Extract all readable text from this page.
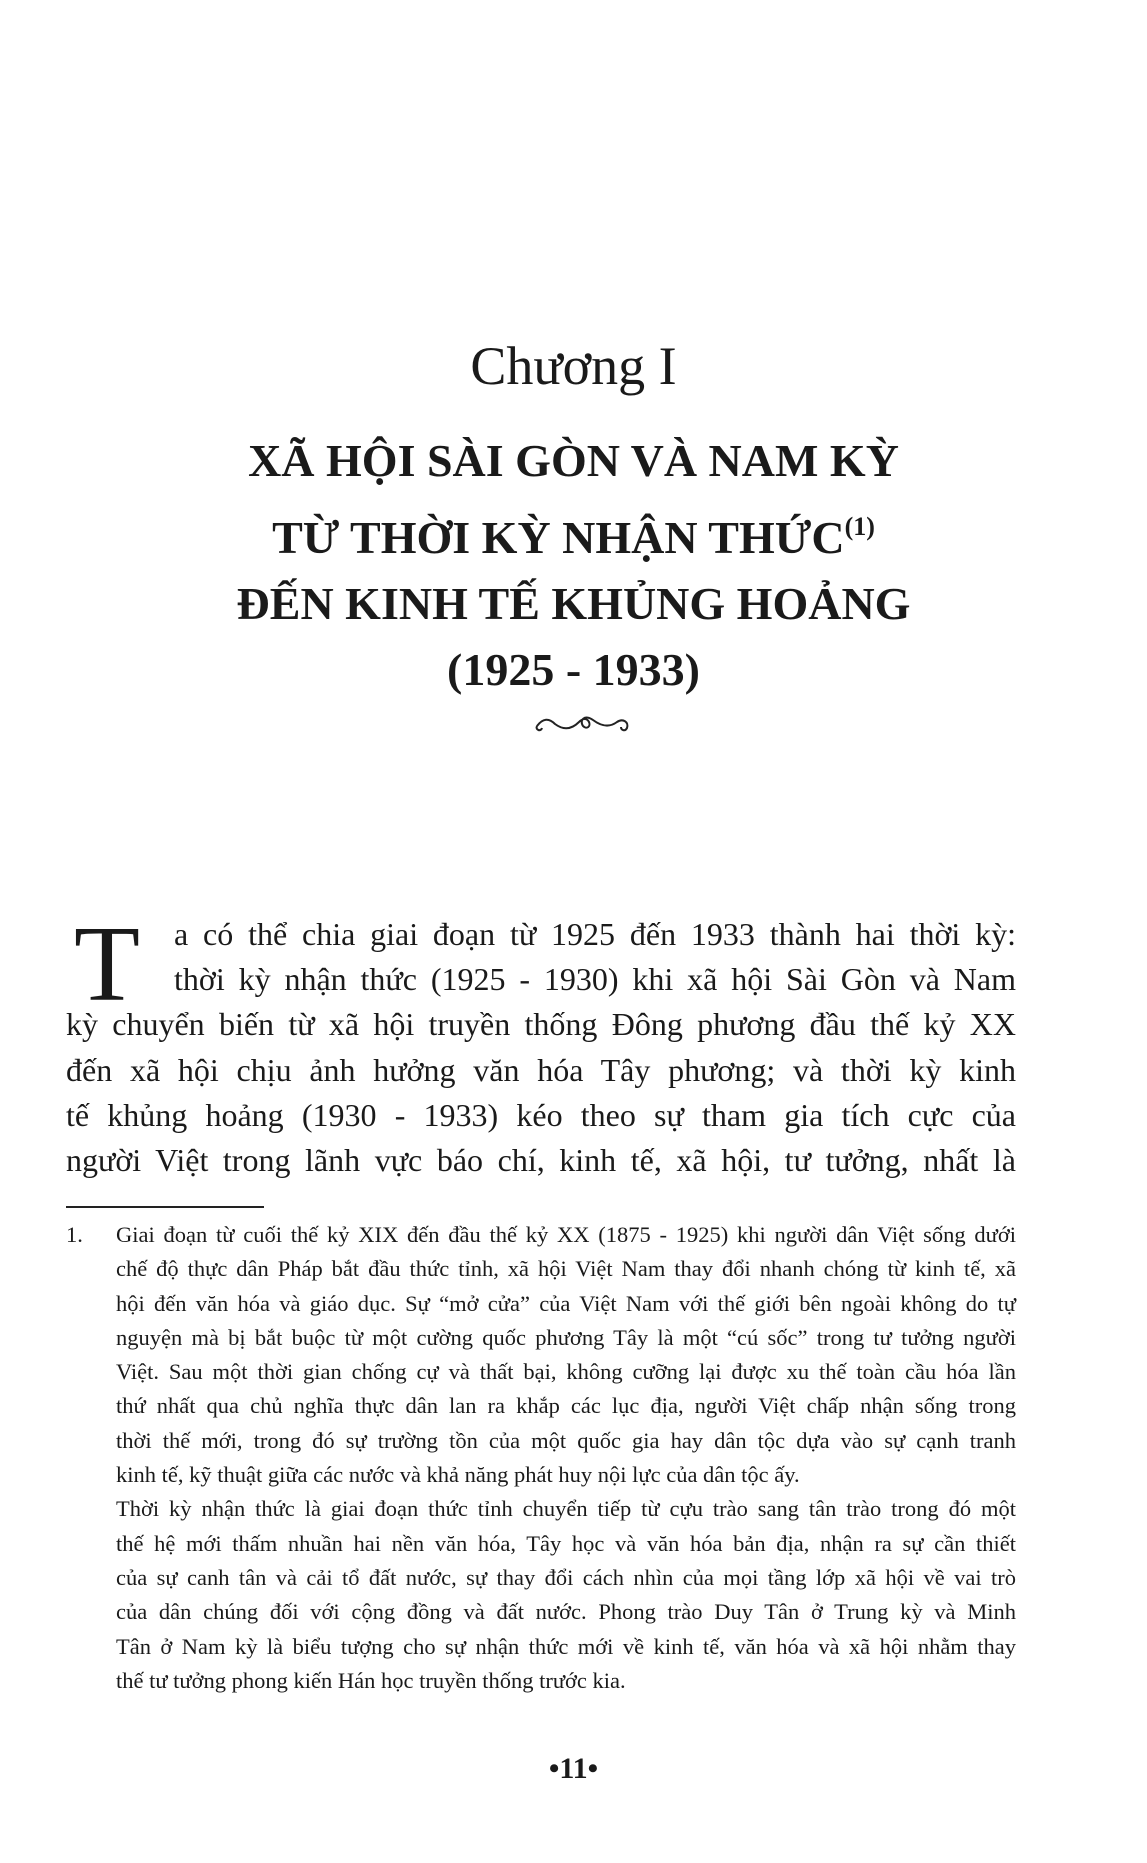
Chương I
XÃ HỘI SÀI GÒN VÀ NAM KỲ
TỪ THỜI KỲ NHẬN THỨC$^{(1)}$
ĐẾN KINH TẾ KHỦNG HOẢNG
(1925 - 1933)
T a có thể chia giai đoạn từ 1925 đến 1933 thành hai thời kỳ:
thời kỳ nhận thức (1925 - 1930) khi xã hội Sài Gòn và Nam
kỳ chuyển biến từ xã hội truyền thống Đông phương đầu thế kỷ XX
đến xã hội chịu ảnh hưởng văn hóa Tây phương; và thời kỳ kinh
tế khủng hoảng (1930 - 1933) kéo theo sự tham gia tích cực của
người Việt trong lãnh vực báo chí, kinh tế, xã hội, tư tưởng, nhất là
1. Giai đoạn từ cuối thế kỷ XIX đến đầu thế kỷ XX (1875 - 1925) khi người dân Việt sống dưới
chế độ thực dân Pháp bắt đầu thức tỉnh, xã hội Việt Nam thay đổi nhanh chóng từ kinh tế, xã
hội đến văn hóa và giáo dục. Sự “mở cửa” của Việt Nam với thế giới bên ngoài không do tự
nguyện mà bị bắt buộc từ một cường quốc phương Tây là một “cú sốc” trong tư tưởng người
Việt. Sau một thời gian chống cự và thất bại, không cưỡng lại được xu thế toàn cầu hóa lần
thứ nhất qua chủ nghĩa thực dân lan ra khắp các lục địa, người Việt chấp nhận sống trong
thời thế mới, trong đó sự trường tồn của một quốc gia hay dân tộc dựa vào sự cạnh tranh
kinh tế, kỹ thuật giữa các nước và khả năng phát huy nội lực của dân tộc ấy.
Thời kỳ nhận thức là giai đoạn thức tỉnh chuyển tiếp từ cựu trào sang tân trào trong đó một
thế hệ mới thấm nhuần hai nền văn hóa, Tây học và văn hóa bản địa, nhận ra sự cần thiết
của sự canh tân và cải tổ đất nước, sự thay đổi cách nhìn của mọi tầng lớp xã hội về vai trò
của dân chúng đối với cộng đồng và đất nước. Phong trào Duy Tân ở Trung kỳ và Minh
Tân ở Nam kỳ là biểu tượng cho sự nhận thức mới về kinh tế, văn hóa và xã hội nhằm thay
thế tư tưởng phong kiến Hán học truyền thống trước kia.
•11•
